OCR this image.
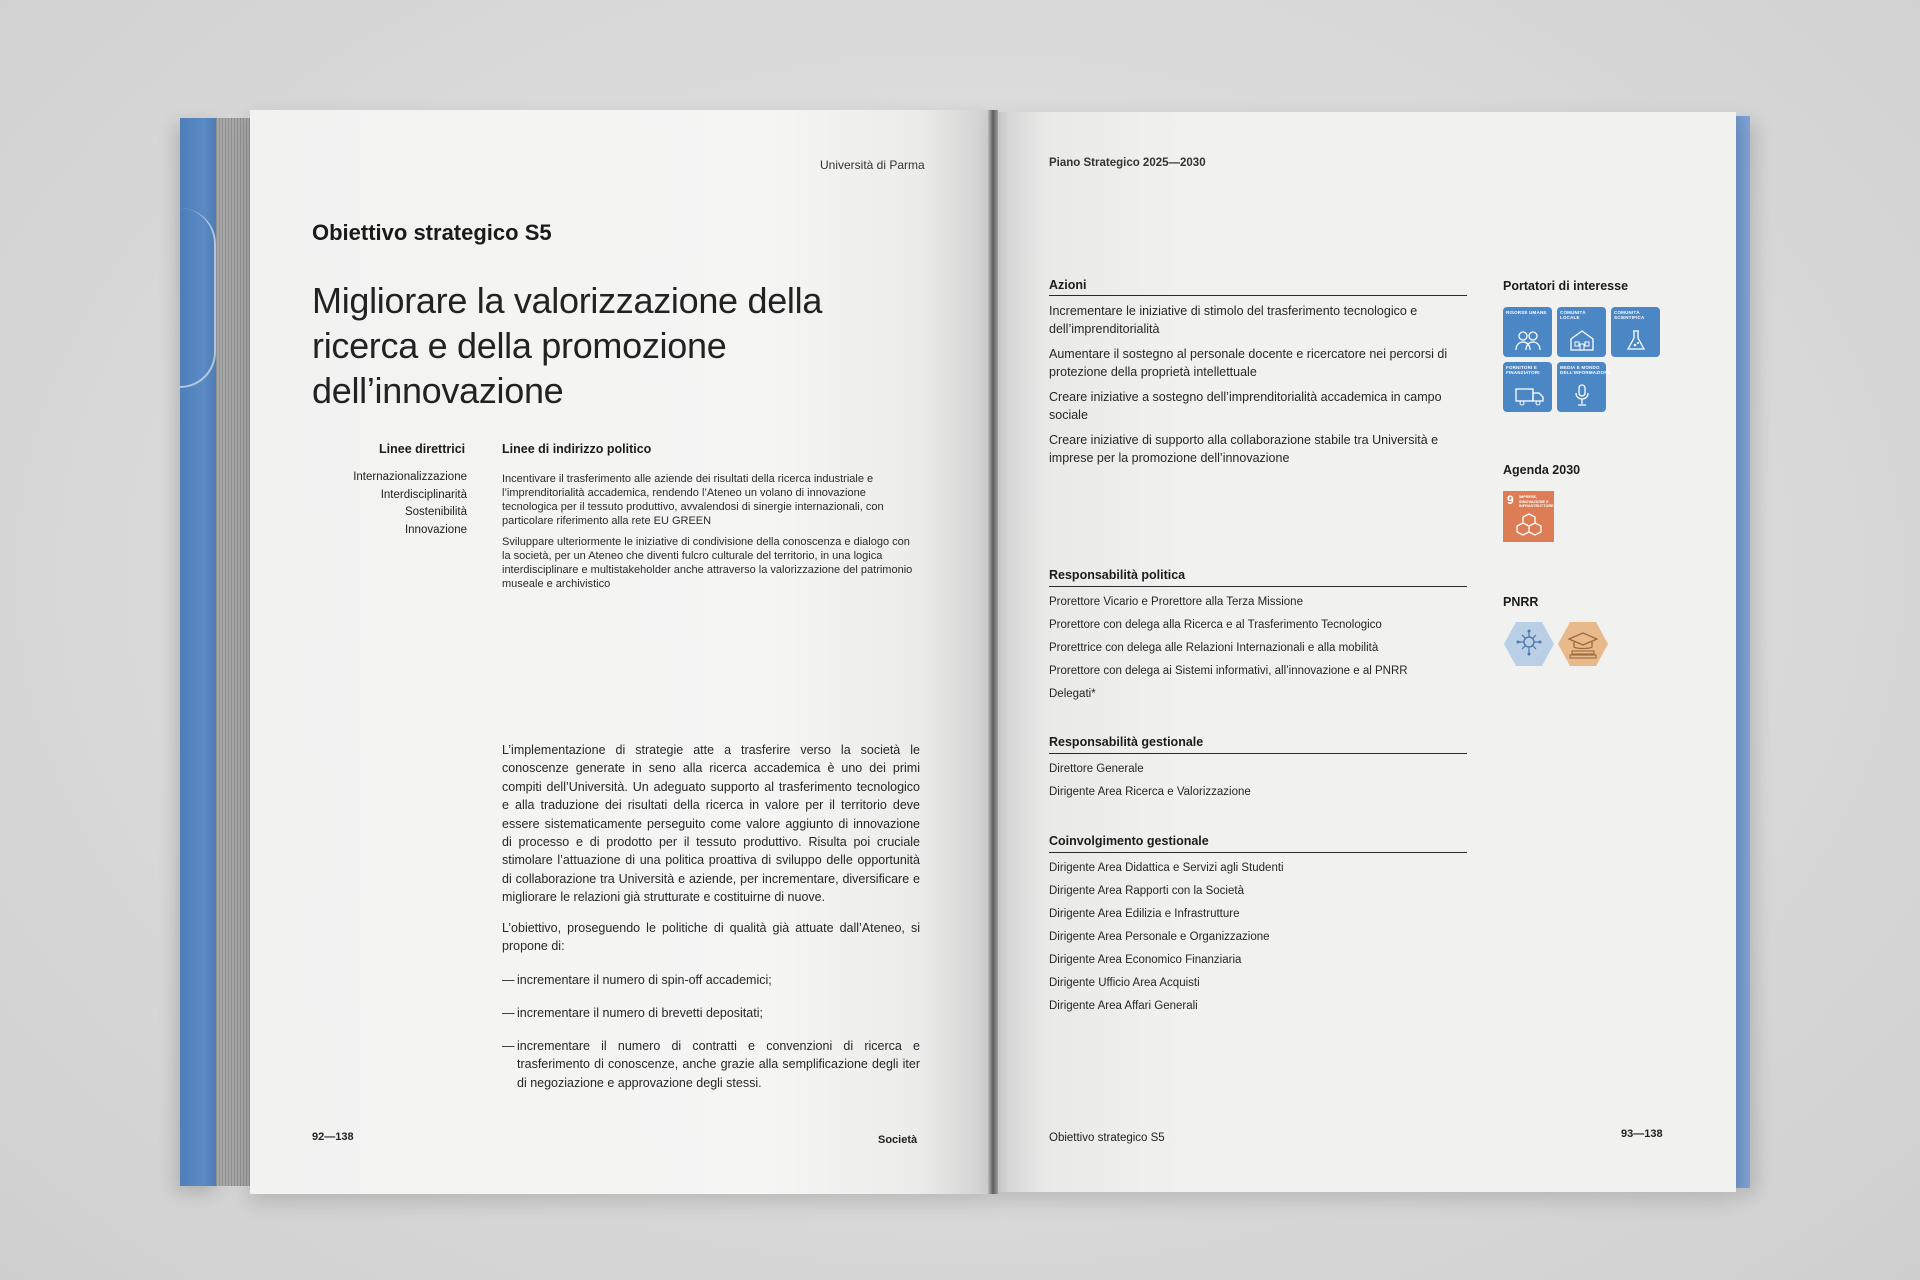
Università di Parma
Obiettivo strategico S5
Migliorare la valorizzazione della ricerca e della promozione dell’innovazione
Linee direttrici
Internazionalizzazione
Interdisciplinarità
Sostenibilità
Innovazione
Linee di indirizzo politico
Incentivare il trasferimento alle aziende dei risultati della ricerca industriale e l’imprenditorialità accademica, rendendo l’Ateneo un volano di innovazione tecnologica per il tessuto produttivo, avvalendosi di sinergie internazionali, con particolare riferimento alla rete EU GREEN
Sviluppare ulteriormente le iniziative di condivisione della conoscenza e dialogo con la società, per un Ateneo che diventi fulcro culturale del territorio, in una logica interdisciplinare e multistakeholder anche attraverso la valorizzazione del patrimonio museale e archivistico
L’implementazione di strategie atte a trasferire verso la società le conoscenze generate in seno alla ricerca accademica è uno dei primi compiti dell’Università. Un adeguato supporto al trasferimento tecnologico e alla traduzione dei risultati della ricerca in valore per il territorio deve essere sistematicamente perseguito come valore aggiunto di innovazione di processo e di prodotto per il tessuto produttivo. Risulta poi cruciale stimolare l’attuazione di una politica proattiva di sviluppo delle opportunità di collaborazione tra Università e aziende, per incrementare, diversificare e migliorare le relazioni già strutturate e costituirne di nuove.
L’obiettivo, proseguendo le politiche di qualità già attuate dall’Ateneo, si propone di:
— incrementare il numero di spin-off accademici;
— incrementare il numero di brevetti depositati;
— incrementare il numero di contratti e convenzioni di ricerca e trasferimento di conoscenze, anche grazie alla semplificazione degli iter di negoziazione e approvazione degli stessi.
92—138	Società
Piano Strategico 2025—2030
Azioni
Incrementare le iniziative di stimolo del trasferimento tecnologico e dell’imprenditorialità
Aumentare il sostegno al personale docente e ricercatore nei percorsi di protezione della proprietà intellettuale
Creare iniziative a sostegno dell’imprenditorialità accademica in campo sociale
Creare iniziative di supporto alla collaborazione stabile tra Università e imprese per la promozione dell’innovazione
Responsabilità politica
Prorettore Vicario e Prorettore alla Terza Missione
Prorettore con delega alla Ricerca e al Trasferimento Tecnologico
Prorettrice con delega alle Relazioni Internazionali e alla mobilità
Prorettore con delega ai Sistemi informativi, all’innovazione e al PNRR
Delegati*
Responsabilità gestionale
Direttore Generale
Dirigente Area Ricerca e Valorizzazione
Coinvolgimento gestionale
Dirigente Area Didattica e Servizi agli Studenti
Dirigente Area Rapporti con la Società
Dirigente Area Edilizia e Infrastrutture
Dirigente Area Personale e Organizzazione
Dirigente Area Economico Finanziaria
Dirigente Ufficio Area Acquisti
Dirigente Area Affari Generali
Portatori di interesse
RISORSE UMANE	COMUNITÀ LOCALE
COMUNITÀ SCIENTIFICA
FORNITORI E FINANZIATORI
MEDIA E MONDO DELL'INFORMAZIONE
Agenda 2030
9 IMPRESE, INNOVAZIONE E INFRASTRUTTURE
PNRR
Obiettivo strategico S5	93—138
